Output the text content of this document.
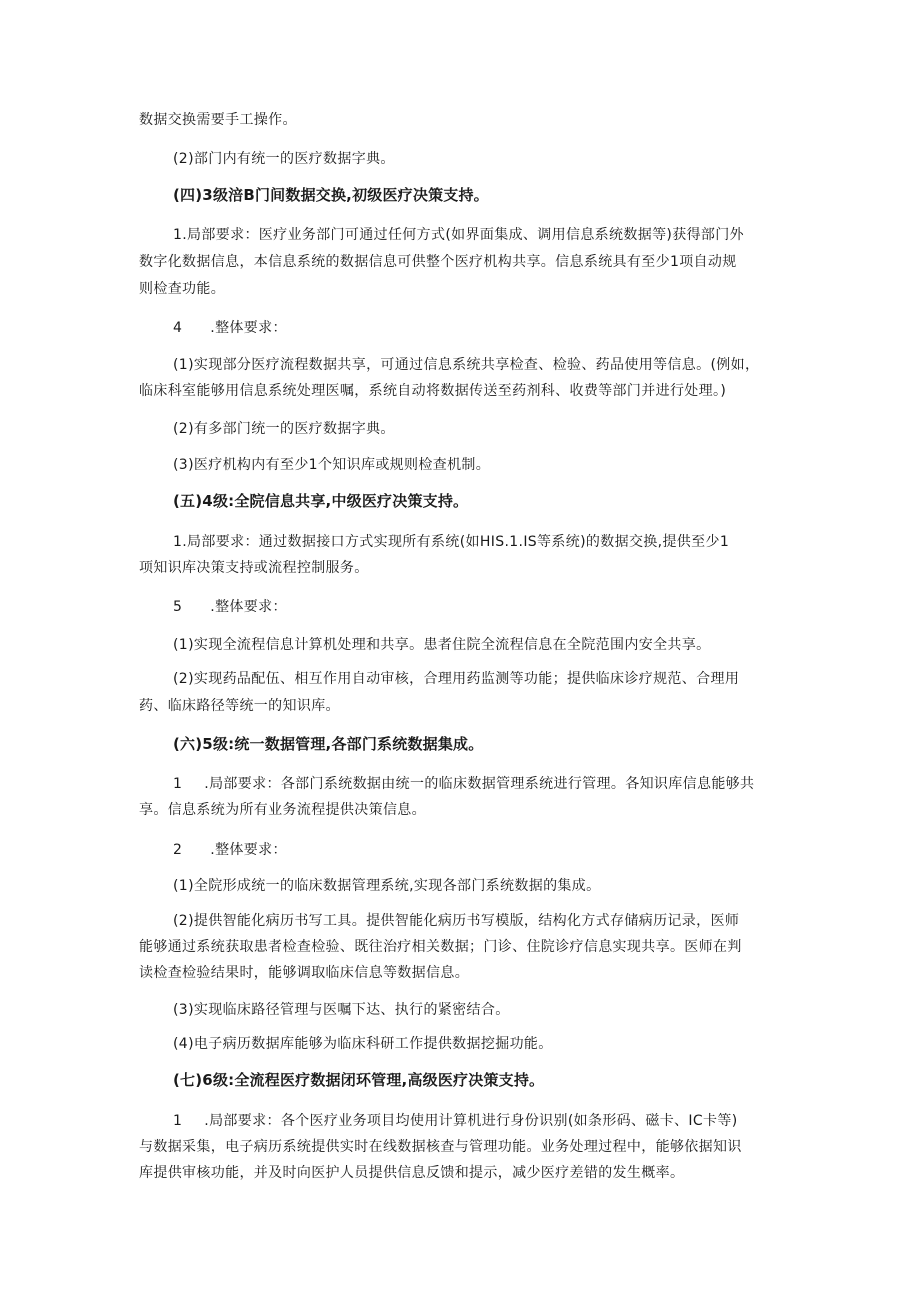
数据交换需要手工操作。
(2)部门内有统一的医疗数据字典。
(四)3级涪B门间数据交换,初级医疗决策支持。
1.局部要求：医疗业务部门可通过任何方式(如界面集成、调用信息系统数据等)获得部门外
数字化数据信息，本信息系统的数据信息可供整个医疗机构共享。信息系统具有至少1项自动规
则检查功能。
4 .整体要求：
(1)实现部分医疗流程数据共享，可通过信息系统共享检查、检验、药品使用等信息。(例如，
临床科室能够用信息系统处理医嘱，系统自动将数据传送至药剂科、收费等部门并进行处理。)
(2)有多部门统一的医疗数据字典。
(3)医疗机构内有至少1个知识库或规则检查机制。
(五)4级:全院信息共享,中级医疗决策支持。
1.局部要求：通过数据接口方式实现所有系统(如HIS.1.IS等系统)的数据交换,提供至少1
项知识库决策支持或流程控制服务。
5 .整体要求：
(1)实现全流程信息计算机处理和共享。患者住院全流程信息在全院范围内安全共享。
(2)实现药品配伍、相互作用自动审核，合理用药监测等功能；提供临床诊疗规范、合理用
药、临床路径等统一的知识库。
(六)5级:统一数据管理,各部门系统数据集成。
1 .局部要求：各部门系统数据由统一的临床数据管理系统进行管理。各知识库信息能够共
享。信息系统为所有业务流程提供决策信息。
2 .整体要求：
(1)全院形成统一的临床数据管理系统,实现各部门系统数据的集成。
(2)提供智能化病历书写工具。提供智能化病历书写模版，结构化方式存储病历记录，医师
能够通过系统获取患者检查检验、既往治疗相关数据；门诊、住院诊疗信息实现共享。医师在判
读检查检验结果时，能够调取临床信息等数据信息。
(3)实现临床路径管理与医嘱下达、执行的紧密结合。
(4)电子病历数据库能够为临床科研工作提供数据挖掘功能。
(七)6级:全流程医疗数据闭环管理,高级医疗决策支持。
1 .局部要求：各个医疗业务项目均使用计算机进行身份识别(如条形码、磁卡、IC卡等)
与数据采集，电子病历系统提供实时在线数据核查与管理功能。业务处理过程中，能够依据知识
库提供审核功能，并及时向医护人员提供信息反馈和提示，减少医疗差错的发生概率。
